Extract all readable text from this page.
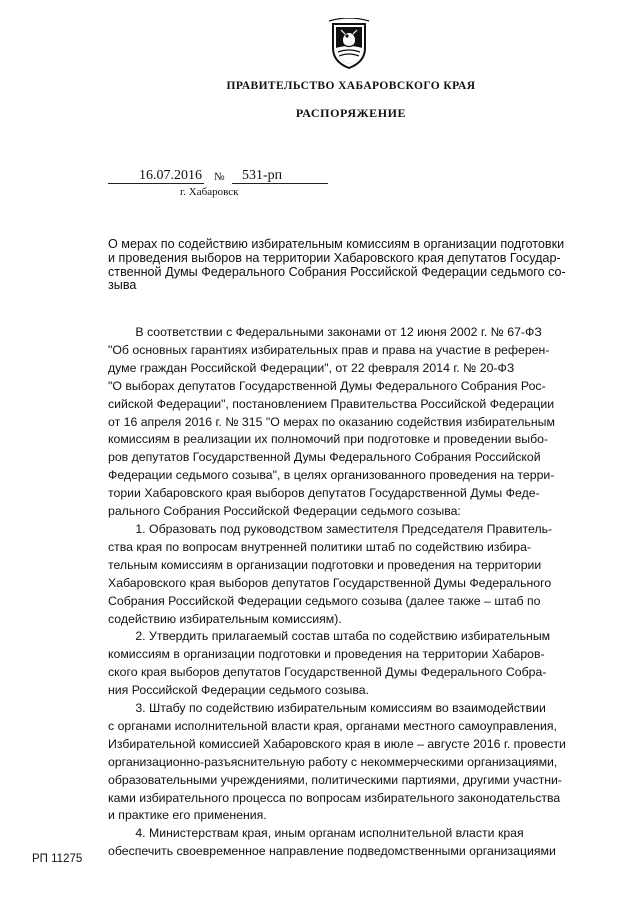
ПРАВИТЕЛЬСТВО ХАБАРОВСКОГО КРАЯ
РАСПОРЯЖЕНИЕ
16.07.2016 №	531-рп
г. Хабаровск
О мерах по содействию избирательным комиссиям в организации подготовки
и проведения выборов на территории Хабаровского края депутатов Государ-
ственной Думы Федерального Собрания Российской Федерации седьмого со-
зыва
В соответствии с Федеральными законами от 12 июня 2002 г. № 67-ФЗ
"Об основных гарантиях избирательных прав и права на участие в референ-
думе граждан Российской Федерации", от 22 февраля 2014 г. № 20-ФЗ
"О выборах депутатов Государственной Думы Федерального Собрания Рос-
сийской Федерации", постановлением Правительства Российской Федерации
от 16 апреля 2016 г. № 315 "О мерах по оказанию содействия избирательным
комиссиям в реализации их полномочий при подготовке и проведении выбо-
ров депутатов Государственной Думы Федерального Собрания Российской
Федерации седьмого созыва", в целях организованного проведения на терри-
тории Хабаровского края выборов депутатов Государственной Думы Феде-
рального Собрания Российской Федерации седьмого созыва:
1. Образовать под руководством заместителя Председателя Правитель-
ства края по вопросам внутренней политики штаб по содействию избира-
тельным комиссиям в организации подготовки и проведения на территории
Хабаровского края выборов депутатов Государственной Думы Федерального
Собрания Российской Федерации седьмого созыва (далее также – штаб по
содействию избирательным комиссиям).
2. Утвердить прилагаемый состав штаба по содействию избирательным
комиссиям в организации подготовки и проведения на территории Хабаров-
ского края выборов депутатов Государственной Думы Федерального Собра-
ния Российской Федерации седьмого созыва.
3. Штабу по содействию избирательным комиссиям во взаимодействии
с органами исполнительной власти края, органами местного самоуправления,
Избирательной комиссией Хабаровского края в июле – августе 2016 г. провести
организационно-разъяснительную работу с некоммерческими организациями,
образовательными учреждениями, политическими партиями, другими участни-
ками избирательного процесса по вопросам избирательного законодательства
и практике его применения.
4. Министерствам края, иным органам исполнительной власти края
обеспечить своевременное направление подведомственными организациями
РП 11275
